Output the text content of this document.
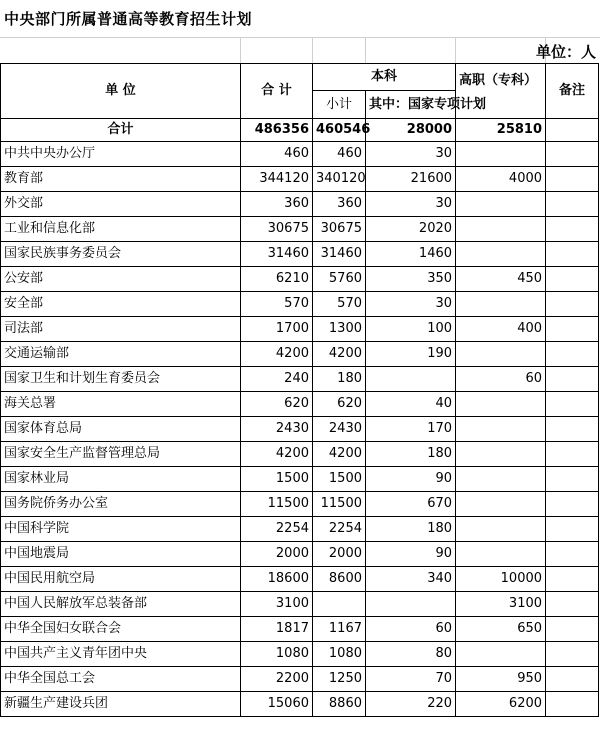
中央部门所属普通高等教育招生计划
单位：人
单 位	合 计	本科		高职（专科）	备注
		小计	其中：国家专项计划		
合计	486356	460546	28000	25810	
中共中央办公厅	460	460	30		
教育部	344120	340120	21600	4000	
外交部	360	360	30		
工业和信息化部	30675	30675	2020		
国家民族事务委员会	31460	31460	1460		
公安部	6210	5760	350	450	
安全部	570	570	30		
司法部	1700	1300	100	400	
交通运输部	4200	4200	190		
国家卫生和计划生育委员会	240	180		60	
海关总署	620	620	40		
国家体育总局	2430	2430	170		
国家安全生产监督管理总局	4200	4200	180		
国家林业局	1500	1500	90		
国务院侨务办公室	11500	11500	670		
中国科学院	2254	2254	180		
中国地震局	2000	2000	90		
中国民用航空局	18600	8600	340	10000	
中国人民解放军总装备部	3100			3100	
中华全国妇女联合会	1817	1167	60	650	
中国共产主义青年团中央	1080	1080	80		
中华全国总工会	2200	1250	70	950	
新疆生产建设兵团	15060	8860	220	6200	
